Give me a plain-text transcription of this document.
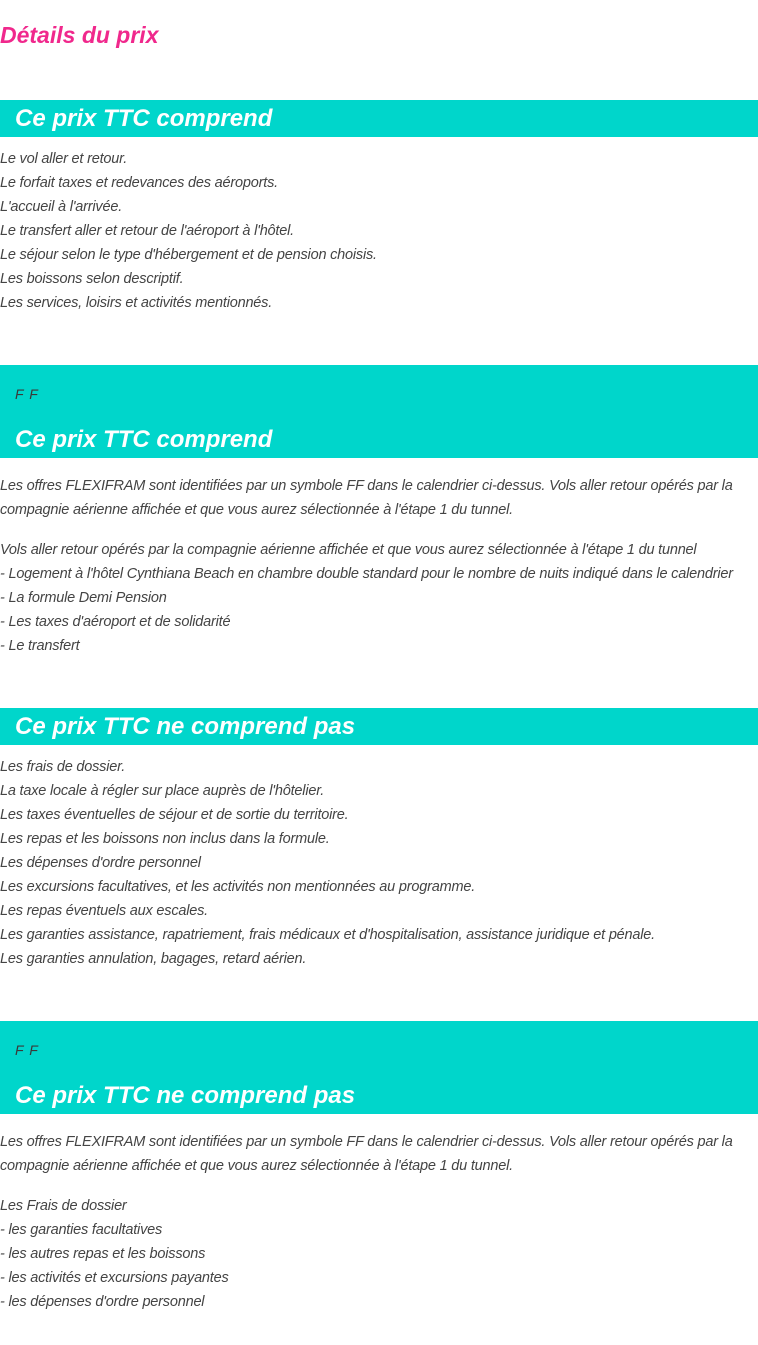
Détails du prix
Ce prix TTC comprend
Le vol aller et retour.
Le forfait taxes et redevances des aéroports.
L'accueil à l'arrivée.
Le transfert aller et retour de l'aéroport à l'hôtel.
Le séjour selon le type d'hébergement et de pension choisis.
Les boissons selon descriptif.
Les services, loisirs et activités mentionnés.
F F
Ce prix TTC comprend

Les offres FLEXIFRAM sont identifiées par un symbole FF dans le calendrier ci-dessus. Vols aller retour opérés par la compagnie aérienne affichée et que vous aurez sélectionnée à l'étape 1 du tunnel.

Vols aller retour opérés par la compagnie aérienne affichée et que vous aurez sélectionnée à l'étape 1 du tunnel
- Logement à l'hôtel Cynthiana Beach en chambre double standard pour le nombre de nuits indiqué dans le calendrier
- La formule Demi Pension
- Les taxes d'aéroport et de solidarité
- Le transfert
Ce prix TTC ne comprend pas
Les frais de dossier.
La taxe locale à régler sur place auprès de l'hôtelier.
Les taxes éventuelles de séjour et de sortie du territoire.
Les repas et les boissons non inclus dans la formule.
Les dépenses d'ordre personnel
Les excursions facultatives, et les activités non mentionnées au programme.
Les repas éventuels aux escales.
Les garanties assistance, rapatriement, frais médicaux et d'hospitalisation, assistance juridique et pénale.
Les garanties annulation, bagages, retard aérien.
F F
Ce prix TTC ne comprend pas

Les offres FLEXIFRAM sont identifiées par un symbole FF dans le calendrier ci-dessus. Vols aller retour opérés par la compagnie aérienne affichée et que vous aurez sélectionnée à l'étape 1 du tunnel.

Les Frais de dossier
- les garanties facultatives
- les autres repas et les boissons
- les activités et excursions payantes
- les dépenses d'ordre personnel
